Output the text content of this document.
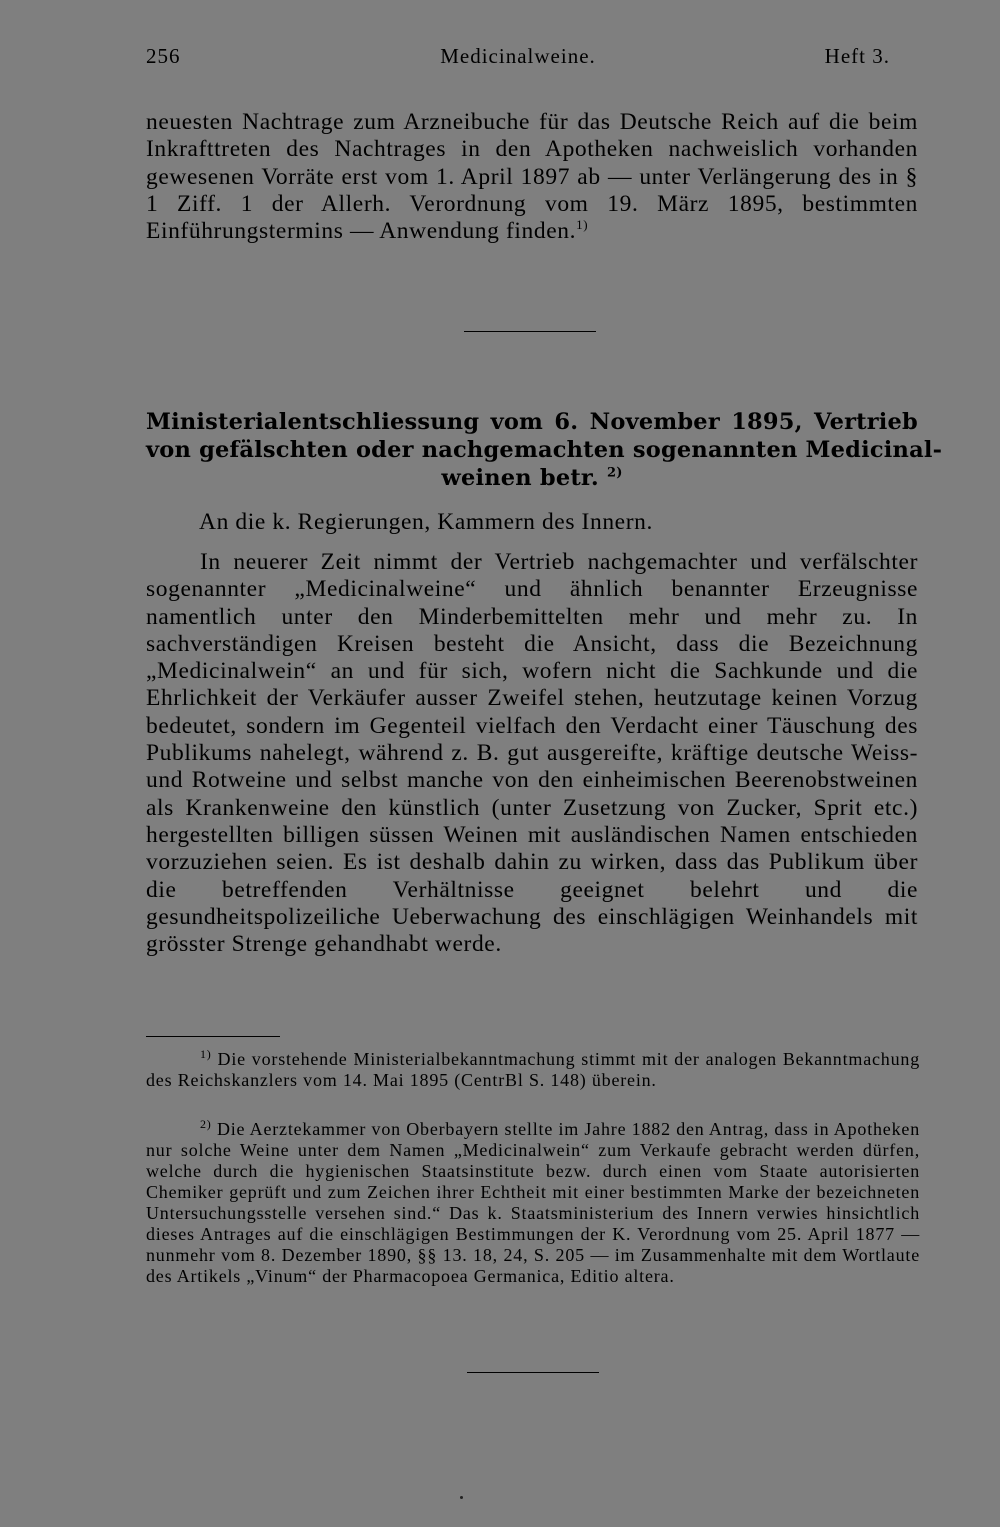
256	Medicinalweine.	Heft 3.

neuesten Nachtrage zum Arzneibuche für das Deutsche Reich auf die beim Inkrafttreten des Nachtrages in den Apotheken nachweislich vorhanden gewesenen Vorräte erst vom 1. April 1897 ab — unter Verlängerung des in § 1 Ziff. 1 der Allerh. Verordnung vom 19. März 1895, bestimmten Einführungstermins — Anwendung finden.$^{1)}$

Ministerialentschliessung vom 6. November 1895, Vertrieb
von gefälschten oder nachgemachten sogenannten Medicinal-
weinen betr. $^{2)}$

An die k. Regierungen, Kammern des Innern.

In neuerer Zeit nimmt der Vertrieb nachgemachter und verfälschter sogenannter „Medicinalweine“ und ähnlich benannter Erzeugnisse namentlich unter den Minderbemittelten mehr und mehr zu. In sachverständigen Kreisen besteht die Ansicht, dass die Bezeichnung „Medicinalwein“ an und für sich, wofern nicht die Sachkunde und die Ehrlichkeit der Verkäufer ausser Zweifel stehen, heutzutage keinen Vorzug bedeutet, sondern im Gegenteil vielfach den Verdacht einer Täuschung des Publikums nahelegt, während z. B. gut ausgereifte, kräftige deutsche Weiss- und Rotweine und selbst manche von den einheimischen Beerenobstweinen als Krankenweine den künstlich (unter Zusetzung von Zucker, Sprit etc.) hergestellten billigen süssen Weinen mit ausländischen Namen entschieden vorzuziehen seien. Es ist deshalb dahin zu wirken, dass das Publikum über die betreffenden Verhältnisse geeignet belehrt und die gesundheitspolizeiliche Ueberwachung des einschlägigen Weinhandels mit grösster Strenge gehandhabt werde.

$^{1)}$ Die vorstehende Ministerialbekanntmachung stimmt mit der analogen Bekanntmachung des Reichskanzlers vom 14. Mai 1895 (CentrBl S. 148) überein.

$^{2)}$ Die Aerztekammer von Oberbayern stellte im Jahre 1882 den Antrag, dass in Apotheken nur solche Weine unter dem Namen „Medicinalwein“ zum Verkaufe gebracht werden dürfen, welche durch die hygienischen Staatsinstitute bezw. durch einen vom Staate autorisierten Chemiker geprüft und zum Zeichen ihrer Echtheit mit einer bestimmten Marke der bezeichneten Untersuchungsstelle versehen sind.“ Das k. Staatsministerium des Innern verwies hinsichtlich dieses Antrages auf die einschlägigen Bestimmungen der K. Verordnung vom 25. April 1877 — nunmehr vom 8. Dezember 1890, §§ 13. 18, 24, S. 205 — im Zusammenhalte mit dem Wortlaute des Artikels „Vinum“ der Pharmacopoea Germanica, Editio altera.
